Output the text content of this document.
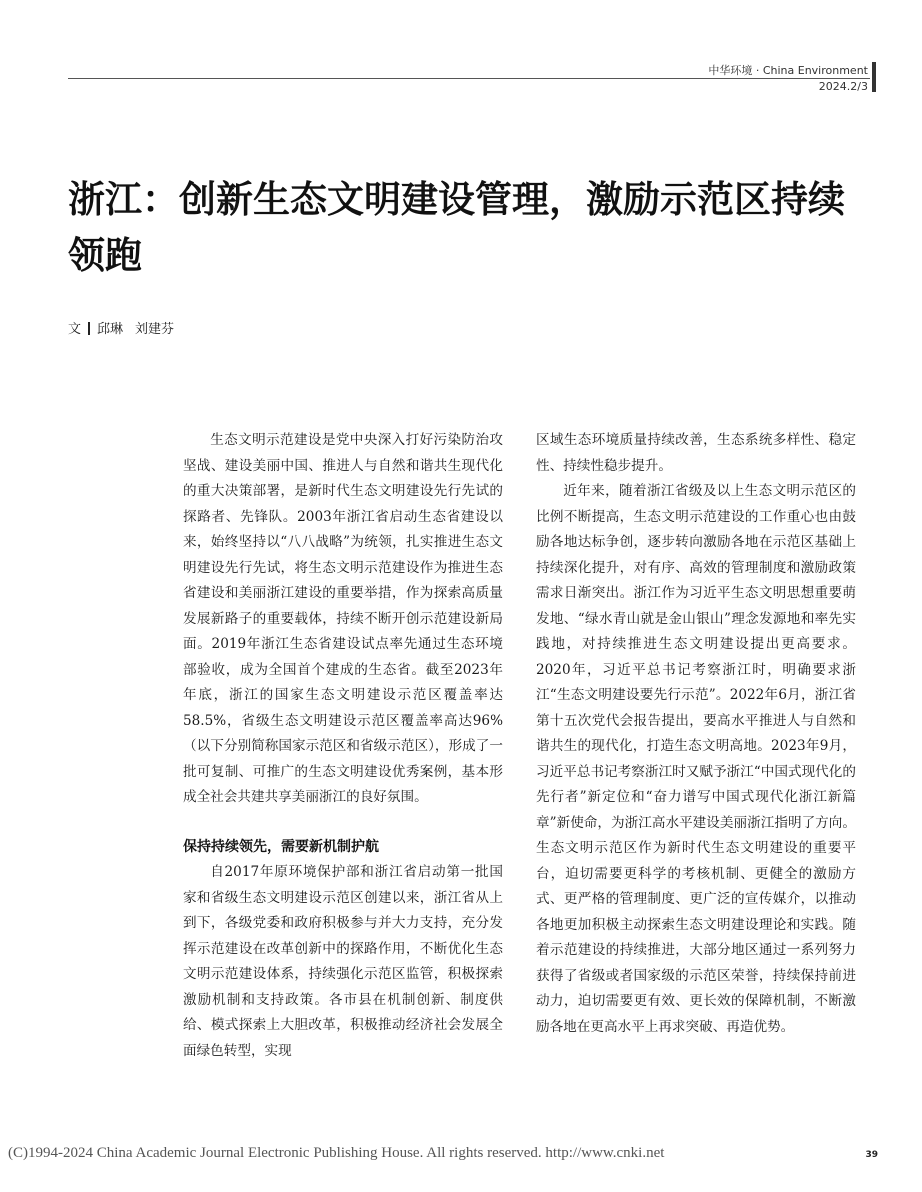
中华环境 · China Environment
2024.2/3
浙江：创新生态文明建设管理，激励示范区持续领跑
文 邱琳 刘建芬

生态文明示范建设是党中央深入打好污染防治攻坚战、建设美丽中国、推进人与自然和谐共生现代化的重大决策部署，是新时代生态文明建设先行先试的探路者、先锋队。2003年浙江省启动生态省建设以来，始终坚持以“八八战略”为统领，扎实推进生态文明建设先行先试，将生态文明示范建设作为推进生态省建设和美丽浙江建设的重要举措，作为探索高质量发展新路子的重要载体，持续不断开创示范建设新局面。2019年浙江生态省建设试点率先通过生态环境部验收，成为全国首个建成的生态省。截至2023年年底，浙江的国家生态文明建设示范区覆盖率达58.5%，省级生态文明建设示范区覆盖率高达96%（以下分别简称国家示范区和省级示范区），形成了一批可复制、可推广的生态文明建设优秀案例，基本形成全社会共建共享美丽浙江的良好氛围。

保持持续领先，需要新机制护航

自2017年原环境保护部和浙江省启动第一批国家和省级生态文明建设示范区创建以来，浙江省从上到下，各级党委和政府积极参与并大力支持，充分发挥示范建设在改革创新中的探路作用，不断优化生态文明示范建设体系，持续强化示范区监管，积极探索激励机制和支持政策。各市县在机制创新、制度供给、模式探索上大胆改革，积极推动经济社会发展全面绿色转型，实现

区域生态环境质量持续改善，生态系统多样性、稳定性、持续性稳步提升。

近年来，随着浙江省级及以上生态文明示范区的比例不断提高，生态文明示范建设的工作重心也由鼓励各地达标争创，逐步转向激励各地在示范区基础上持续深化提升，对有序、高效的管理制度和激励政策需求日渐突出。浙江作为习近平生态文明思想重要萌发地、“绿水青山就是金山银山”理念发源地和率先实践地，对持续推进生态文明建设提出更高要求。2020年，习近平总书记考察浙江时，明确要求浙江“生态文明建设要先行示范”。2022年6月，浙江省第十五次党代会报告提出，要高水平推进人与自然和谐共生的现代化，打造生态文明高地。2023年9月，习近平总书记考察浙江时又赋予浙江“中国式现代化的先行者”新定位和“奋力谱写中国式现代化浙江新篇章”新使命，为浙江高水平建设美丽浙江指明了方向。生态文明示范区作为新时代生态文明建设的重要平台，迫切需要更科学的考核机制、更健全的激励方式、更严格的管理制度、更广泛的宣传媒介，以推动各地更加积极主动探索生态文明建设理论和实践。随着示范建设的持续推进，大部分地区通过一系列努力获得了省级或者国家级的示范区荣誉，持续保持前进动力，迫切需要更有效、更长效的保障机制，不断激励各地在更高水平上再求突破、再造优势。

(C)1994-2024 China Academic Journal Electronic Publishing House. All rights reserved. http://www.cnki.net	39
